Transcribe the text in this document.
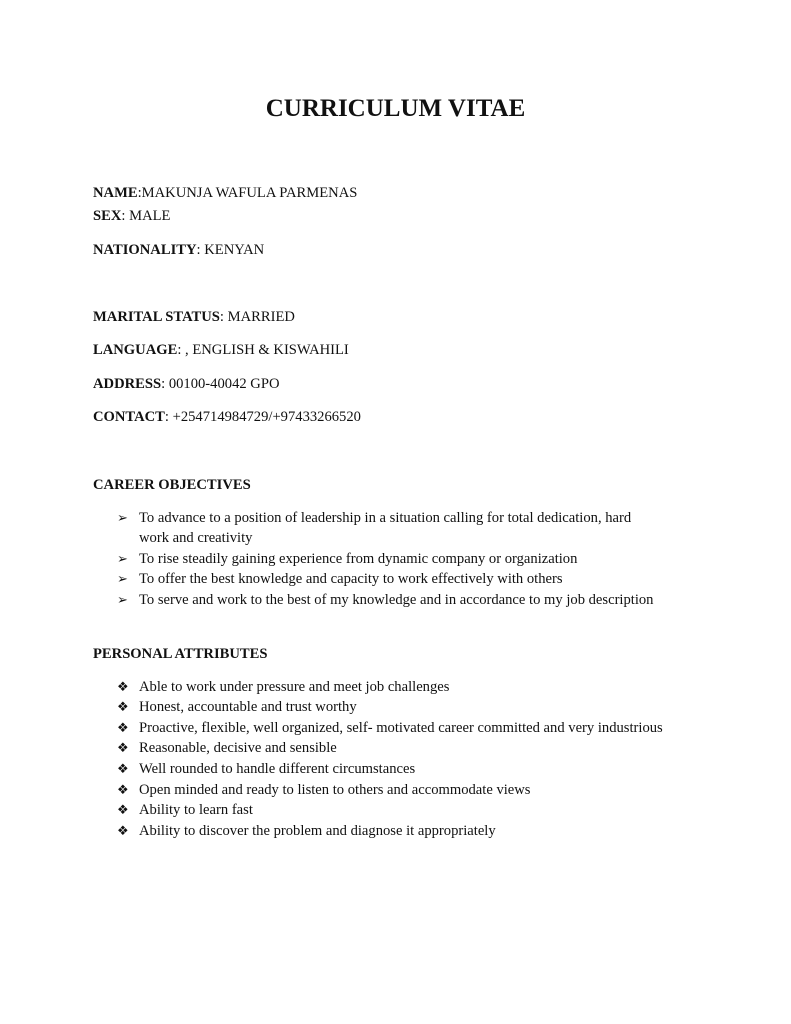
CURRICULUM VITAE
NAME:MAKUNJA WAFULA PARMENAS
SEX: MALE
NATIONALITY: KENYAN
MARITAL STATUS: MARRIED
LANGUAGE: , ENGLISH & KISWAHILI
ADDRESS: 00100-40042 GPO
CONTACT: +254714984729/+97433266520
CAREER OBJECTIVES
➢ To advance to a position of leadership in a situation calling for total dedication, hard
work and creativity
➢ To rise steadily gaining experience from dynamic company or organization
➢ To offer the best knowledge and capacity to work effectively with others
➢ To serve and work to the best of my knowledge and in accordance to my job description
PERSONAL ATTRIBUTES
❖ Able to work under pressure and meet job challenges
❖ Honest, accountable and trust worthy
❖ Proactive, flexible, well organized, self- motivated career committed and very industrious
❖ Reasonable, decisive and sensible
❖ Well rounded to handle different circumstances
❖ Open minded and ready to listen to others and accommodate views
❖ Ability to learn fast
❖ Ability to discover the problem and diagnose it appropriately
